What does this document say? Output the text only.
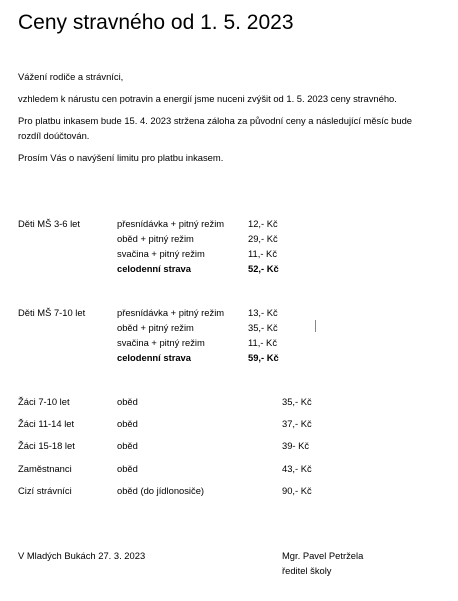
Ceny stravného od 1. 5. 2023
Vážení rodiče a strávníci,
vzhledem k nárustu cen potravin a energií jsme nuceni zvýšit od 1. 5. 2023 ceny stravného.
Pro platbu inkasem bude 15. 4. 2023 stržena záloha za původní ceny a následující měsíc bude
rozdíl doúčtován.
Prosím Vás o navýšení limitu pro platbu inkasem.
Děti MŠ 3-6 let	přesnídávka + pitný režim	12,- Kč
oběd + pitný režim	29,- Kč
svačina + pitný režim	11,- Kč
celodenní strava	52,- Kč
Děti MŠ 7-10 let	přesnídávka + pitný režim	13,- Kč
oběd + pitný režim	35,- Kč
svačina + pitný režim	11,- Kč
celodenní strava	59,- Kč
Žáci 7-10 let	oběd	35,- Kč
Žáci 11-14 let	oběd	37,- Kč
Žáci 15-18 let	oběd	39- Kč
Zaměstnanci	oběd	43,- Kč
Cizí strávníci	oběd (do jídlonosiče)	90,- Kč
V Mladých Bukách 27. 3. 2023	Mgr. Pavel Petržela
ředitel školy
